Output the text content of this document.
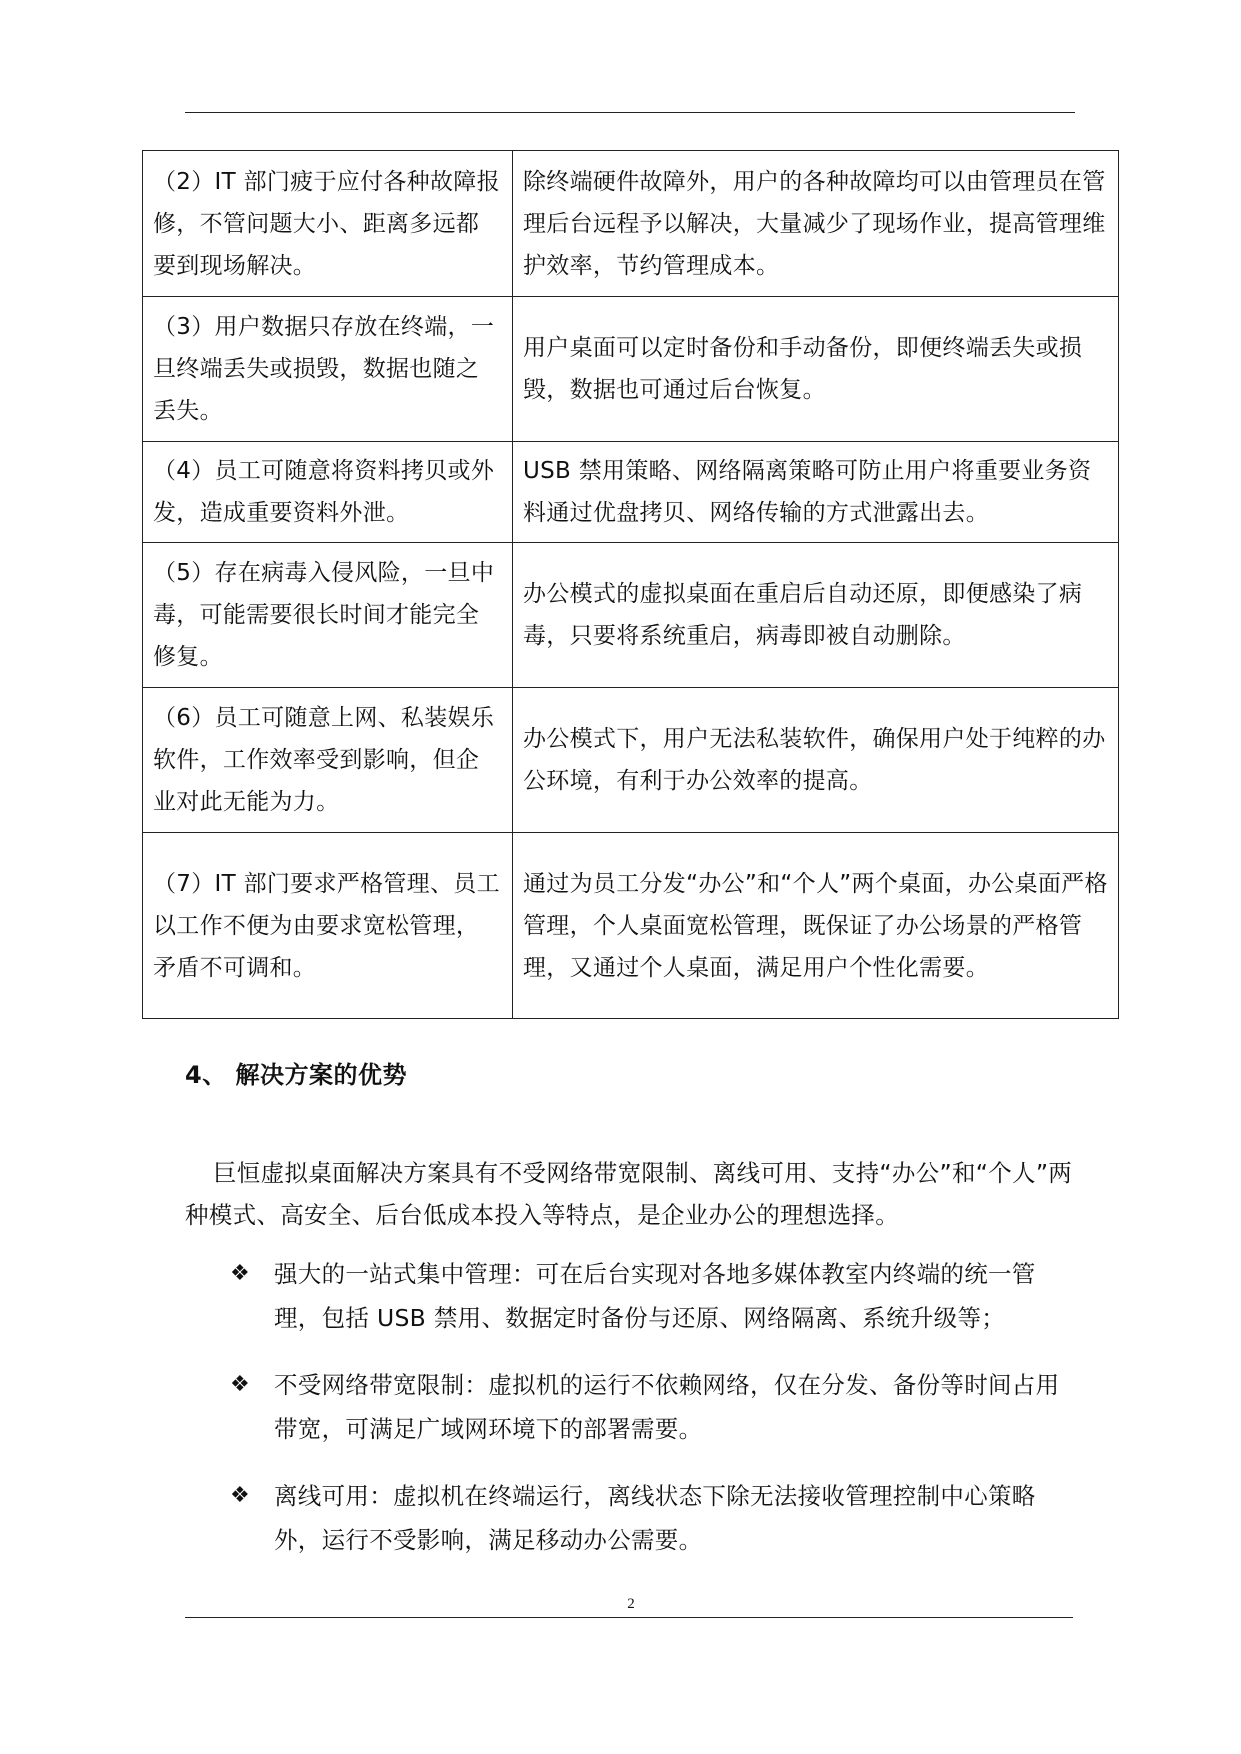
（2）IT 部门疲于应付各种故障报修，不管问题大小、距离多远都要到现场解决。	除终端硬件故障外，用户的各种故障均可以由管理员在管理后台远程予以解决，大量减少了现场作业，提高管理维护效率，节约管理成本。
（3）用户数据只存放在终端，一旦终端丢失或损毁，数据也随之丢失。	用户桌面可以定时备份和手动备份，即便终端丢失或损毁，数据也可通过后台恢复。
（4）员工可随意将资料拷贝或外发，造成重要资料外泄。	USB 禁用策略、网络隔离策略可防止用户将重要业务资料通过优盘拷贝、网络传输的方式泄露出去。
（5）存在病毒入侵风险，一旦中毒，可能需要很长时间才能完全修复。	办公模式的虚拟桌面在重启后自动还原，即便感染了病毒，只要将系统重启，病毒即被自动删除。
（6）员工可随意上网、私装娱乐软件，工作效率受到影响，但企业对此无能为力。	办公模式下，用户无法私装软件，确保用户处于纯粹的办公环境，有利于办公效率的提高。
（7）IT 部门要求严格管理、员工以工作不便为由要求宽松管理，矛盾不可调和。	通过为员工分发“办公”和“个人”两个桌面，办公桌面严格管理，个人桌面宽松管理，既保证了办公场景的严格管理，又通过个人桌面，满足用户个性化需要。
4、 解决方案的优势

巨恒虚拟桌面解决方案具有不受网络带宽限制、离线可用、支持“办公”和“个人”两种模式、高安全、后台低成本投入等特点，是企业办公的理想选择。

❖ 强大的一站式集中管理：可在后台实现对各地多媒体教室内终端的统一管理，包括 USB 禁用、数据定时备份与还原、网络隔离、系统升级等；
❖ 不受网络带宽限制：虚拟机的运行不依赖网络，仅在分发、备份等时间占用带宽，可满足广域网环境下的部署需要。
❖ 离线可用：虚拟机在终端运行，离线状态下除无法接收管理控制中心策略外，运行不受影响，满足移动办公需要。
2
